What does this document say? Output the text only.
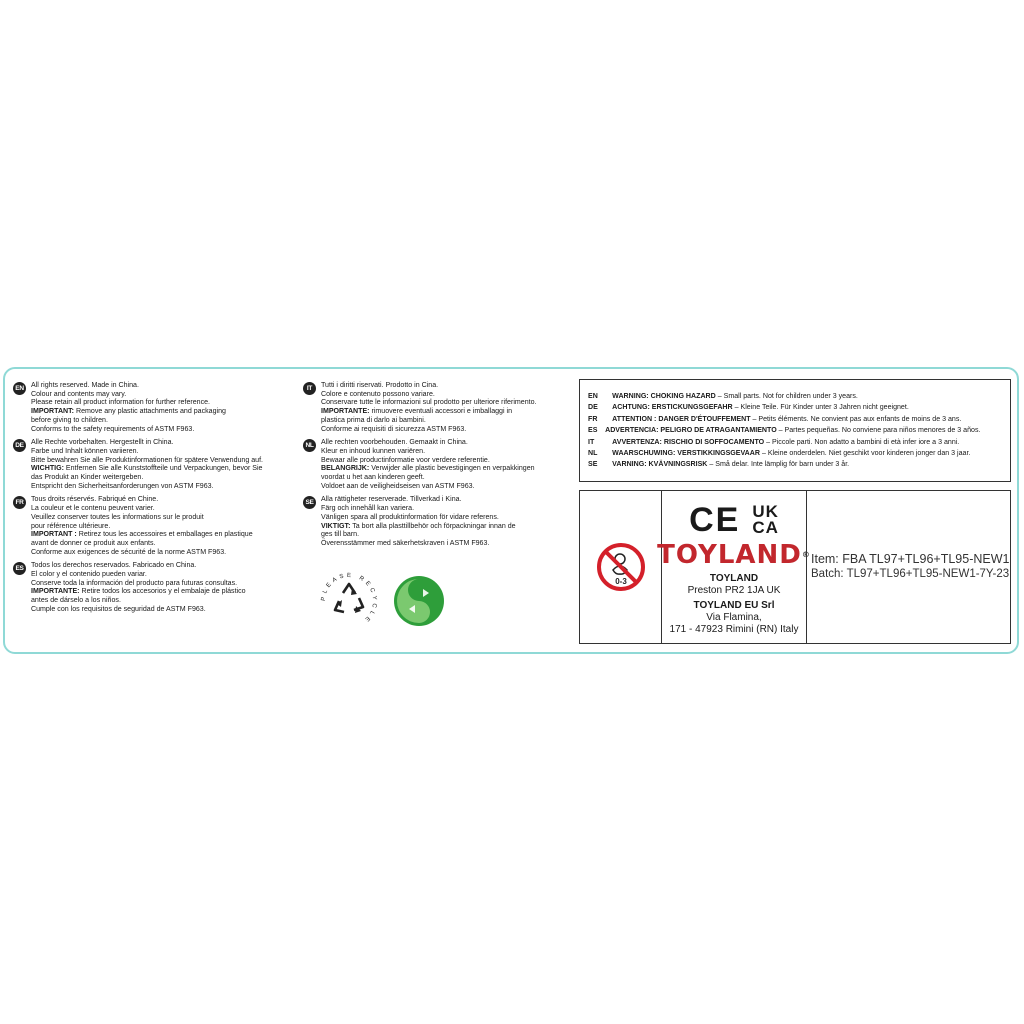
EN All rights reserved. Made in China.
Colour and contents may vary.
Please retain all product information for further reference.
IMPORTANT: Remove any plastic attachments and packaging
before giving to children.
Conforms to the safety requirements of ASTM F963.
DE Alle Rechte vorbehalten. Hergestellt in China.
Farbe und Inhalt können variieren.
Bitte bewahren Sie alle Produktinformationen für spätere Verwendung auf.
WICHTIG: Entfernen Sie alle Kunststoffteile und Verpackungen, bevor Sie
das Produkt an Kinder weitergeben.
Entspricht den Sicherheitsanforderungen von ASTM F963.
FR Tous droits réservés. Fabriqué en Chine.
La couleur et le contenu peuvent varier.
Veuillez conserver toutes les informations sur le produit
pour référence ultérieure.
IMPORTANT : Retirez tous les accessoires et emballages en plastique
avant de donner ce produit aux enfants.
Conforme aux exigences de sécurité de la norme ASTM F963.
ES Todos los derechos reservados. Fabricado en China.
El color y el contenido pueden variar.
Conserve toda la información del producto para futuras consultas.
IMPORTANTE: Retire todos los accesorios y el embalaje de plástico
antes de dárselo a los niños.
Cumple con los requisitos de seguridad de ASTM F963.
IT	Tutti i diritti riservati. Prodotto in Cina.
Colore e contenuto possono variare.
Conservare tutte le informazioni sul prodotto per ulteriore riferimento.
IMPORTANTE: rimuovere eventuali accessori e imballaggi in
plastica prima di darlo ai bambini.
Conforme ai requisiti di sicurezza ASTM F963.
NL Alle rechten voorbehouden. Gemaakt in China.
Kleur en inhoud kunnen variëren.
Bewaar alle productinformatie voor verdere referentie.
BELANGRIJK: Verwijder alle plastic bevestigingen en verpakkingen
voordat u het aan kinderen geeft.
Voldoet aan de veiligheidseisen van ASTM F963.
SE Alla rättigheter reserverade. Tillverkad i Kina.
Färg och innehåll kan variera.
Vänligen spara all produktinformation för vidare referens.
VIKTIGT: Ta bort alla plasttillbehör och förpackningar innan de
ges till barn.
Överensstämmer med säkerhetskraven i ASTM F963.
PLEASE RECYCLE
EN	WARNING: CHOKING HAZARD – Small parts. Not for children under 3 years.
DE	ACHTUNG: ERSTICKUNGSGEFAHR – Kleine Teile. Für Kinder unter 3 Jahren nicht geeignet.
FR	ATTENTION : DANGER D'ÉTOUFFEMENT – Petits éléments. Ne convient pas aux enfants de moins de 3 ans.
ES	ADVERTENCIA: PELIGRO DE ATRAGANTAMIENTO – Partes pequeñas. No conviene para niños menores de 3 años.
IT	AVVERTENZA: RISCHIO DI SOFFOCAMENTO – Piccole parti. Non adatto a bambini di età infer iore a 3 anni.
NL	WAARSCHUWING: VERSTIKKINGSGEVAAR – Kleine onderdelen. Niet geschikt voor kinderen jonger dan 3 jaar.
SE	VARNING: KVÄVNINGSRISK – Små delar. Inte lämplig för barn under 3 år.
0-3
CE UK
CA
TOYLAND®
TOYLAND
Preston PR2 1JA UK
TOYLAND EU Srl
Via Flamina,
171 - 47923 Rimini (RN) Italy
Item: FBA TL97+TL96+TL95-NEW1
Batch: TL97+TL96+TL95-NEW1-7Y-23
